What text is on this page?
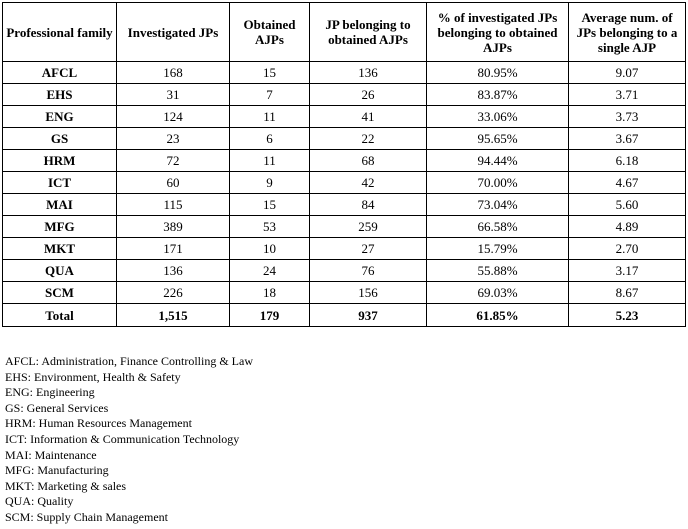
Professional family	Investigated JPs	Obtained AJPs	JP belonging to obtained AJPs	% of investigated JPs belonging to obtained AJPs	Average num. of JPs belonging to a single AJP
AFCL	168	15	136	80.95%	9.07
EHS	31	7	26	83.87%	3.71
ENG	124	11	41	33.06%	3.73
GS	23	6	22	95.65%	3.67
HRM	72	11	68	94.44%	6.18
ICT	60	9	42	70.00%	4.67
MAI	115	15	84	73.04%	5.60
MFG	389	53	259	66.58%	4.89
MKT	171	10	27	15.79%	2.70
QUA	136	24	76	55.88%	3.17
SCM	226	18	156	69.03%	8.67
Total	1,515	179	937	61.85%	5.23
AFCL: Administration, Finance Controlling & Law
EHS: Environment, Health & Safety
ENG: Engineering
GS: General Services
HRM: Human Resources Management
ICT: Information & Communication Technology
MAI: Maintenance
MFG: Manufacturing
MKT: Marketing & sales
QUA: Quality
SCM: Supply Chain Management
